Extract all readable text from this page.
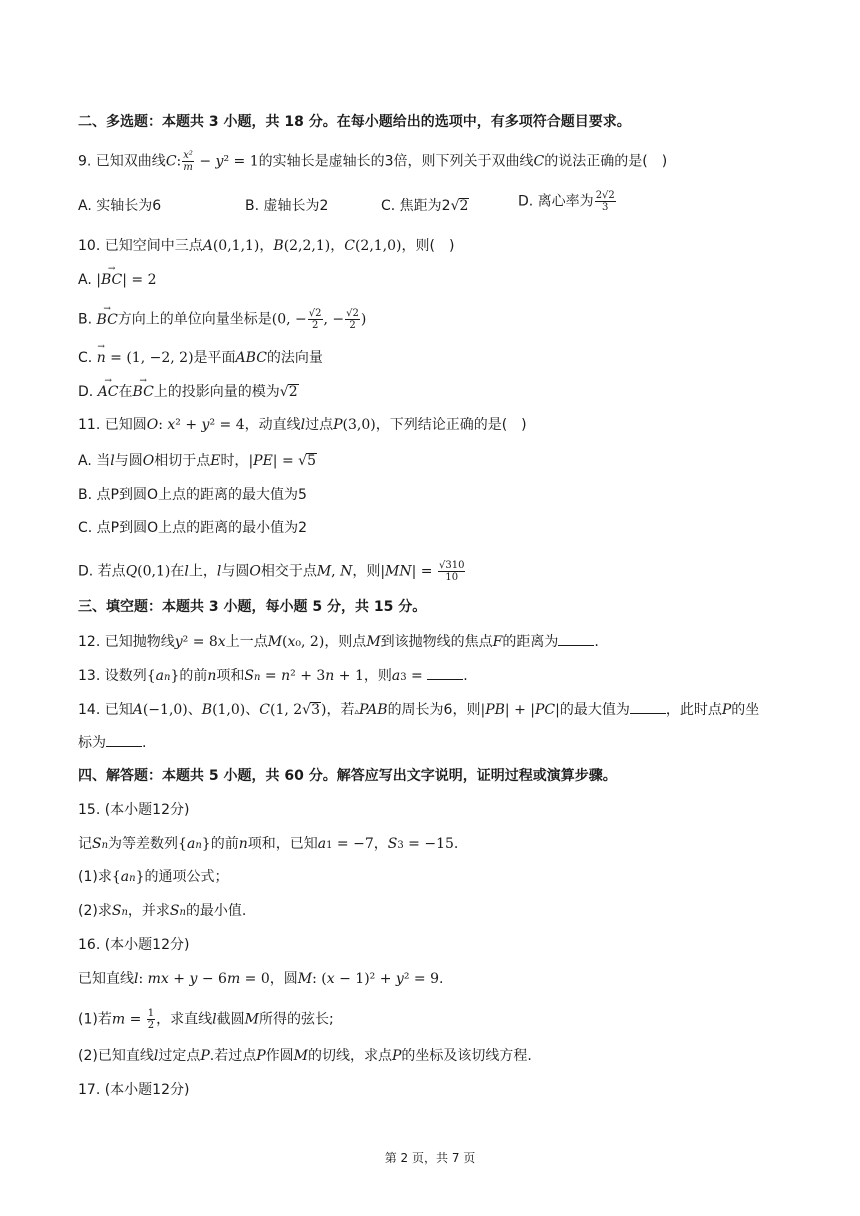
二、多选题：本题共 3 小题，共 18 分。在每小题给出的选项中，有多项符合题目要求。
9. 已知双曲线C: $\frac{\text{x²}}{m} - y^2 = 1$的实轴长是虚轴长的3倍，则下列关于双曲线C的说法正确的是(　)
A. 实轴长为6	B. 虚轴长为2	C. 焦距为2√2	D. 离心率为 $\frac{2√2}{3}$
10. 已知空间中三点A(0,1,1)，B(2,2,1)，C(2,1,0)，则(　)
A. |→ BC| = 2
B. → BC方向上的单位向量坐标是(0, − $\frac{√2}{2}$ , − $\frac{√2}{2}$ )
C. → n = (1, −2, 2)是平面ABC的法向量
D. → AC在→ BC上的投影向量的模为√2
11. 已知圆O: x² + y² = 4，动直线l过点P(3,0)，下列结论正确的是(　)
A. 当l与圆O相切于点E时，|PE| = √5
B. 点P到圆O上点的距离的最大值为5
C. 点P到圆O上点的距离的最小值为2
D. 若点Q(0,1)在l上，l与圆O相交于点M, N，则$|MN| = \frac{√310}{10}$
三、填空题：本题共 3 小题，每小题 5 分，共 15 分。
12. 已知抛物线y² = 8x上一点M(x₀, 2)，则点M到该抛物线的焦点F的距离为	.
13. 设数列{an}的前n项和Sn = n² + 3n + 1，则a3 =	.
14. 已知A(−1,0)、B(1,0)、C(1, 2√3)，若▵PAB的周长为6，则|PB| + |PC|的最大值为	，此时点P的坐
标为	.
四、解答题：本题共 5 小题，共 60 分。解答应写出文字说明，证明过程或演算步骤。
15. (本小题12分)
记Sn为等差数列{an}的前n项和，已知a1 = −7，S3 = −15.
(1)求{an}的通项公式；
(2)求Sn，并求Sn的最小值.
16. (本小题12分)
已知直线l: mx + y − 6m = 0，圆M: (x − 1)² + y² = 9.
(1)若$m = \frac{1}{2}$ ，求直线l截圆M所得的弦长;
(2)已知直线l过定点P.若过点P作圆M的切线，求点P的坐标及该切线方程.
17. (本小题12分)
第 2 页，共 7 页
